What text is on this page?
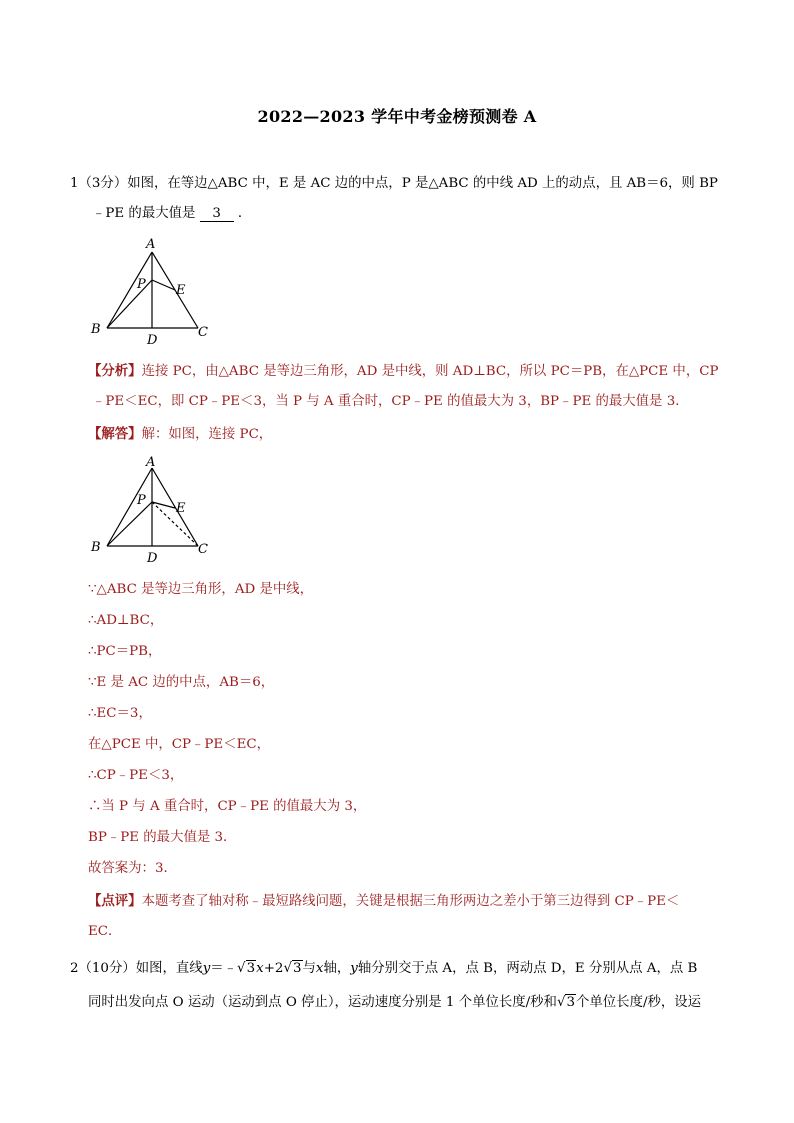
2022—2023 学年中考金榜预测卷 A
1（3分）如图，在等边△ABC 中，E 是 AC 边的中点，P 是△ABC 的中线 AD 上的动点，且 AB＝6，则 BP
﹣PE 的最大值是 3 ．
A
B	C
D
E
P
【分析】连接 PC，由△ABC 是等边三角形，AD 是中线，则 AD⊥BC，所以 PC＝PB，在△PCE 中，CP
﹣PE＜EC，即 CP﹣PE＜3，当 P 与 A 重合时，CP﹣PE 的值最大为 3，BP﹣PE 的最大值是 3．
【解答】解：如图，连接 PC，
A
B	C
D
E
P
∵△ABC 是等边三角形，AD 是中线，
∴AD⊥BC，
∴PC＝PB，
∵E 是 AC 边的中点，AB＝6，
∴EC＝3，
在△PCE 中，CP﹣PE＜EC，
∴CP﹣PE＜3，
∴当 P 与 A 重合时，CP﹣PE 的值最大为 3，
BP﹣PE 的最大值是 3．
故答案为：3．
【点评】本题考查了轴对称﹣最短路线问题，关键是根据三角形两边之差小于第三边得到 CP﹣PE＜
EC．
2（10分）如图，直线y＝﹣√3x+2√3与x轴，y轴分别交于点 A，点 B，两动点 D，E 分别从点 A，点 B
同时出发向点 O 运动（运动到点 O 停止），运动速度分别是 1 个单位长度/秒和√3个单位长度/秒，设运
